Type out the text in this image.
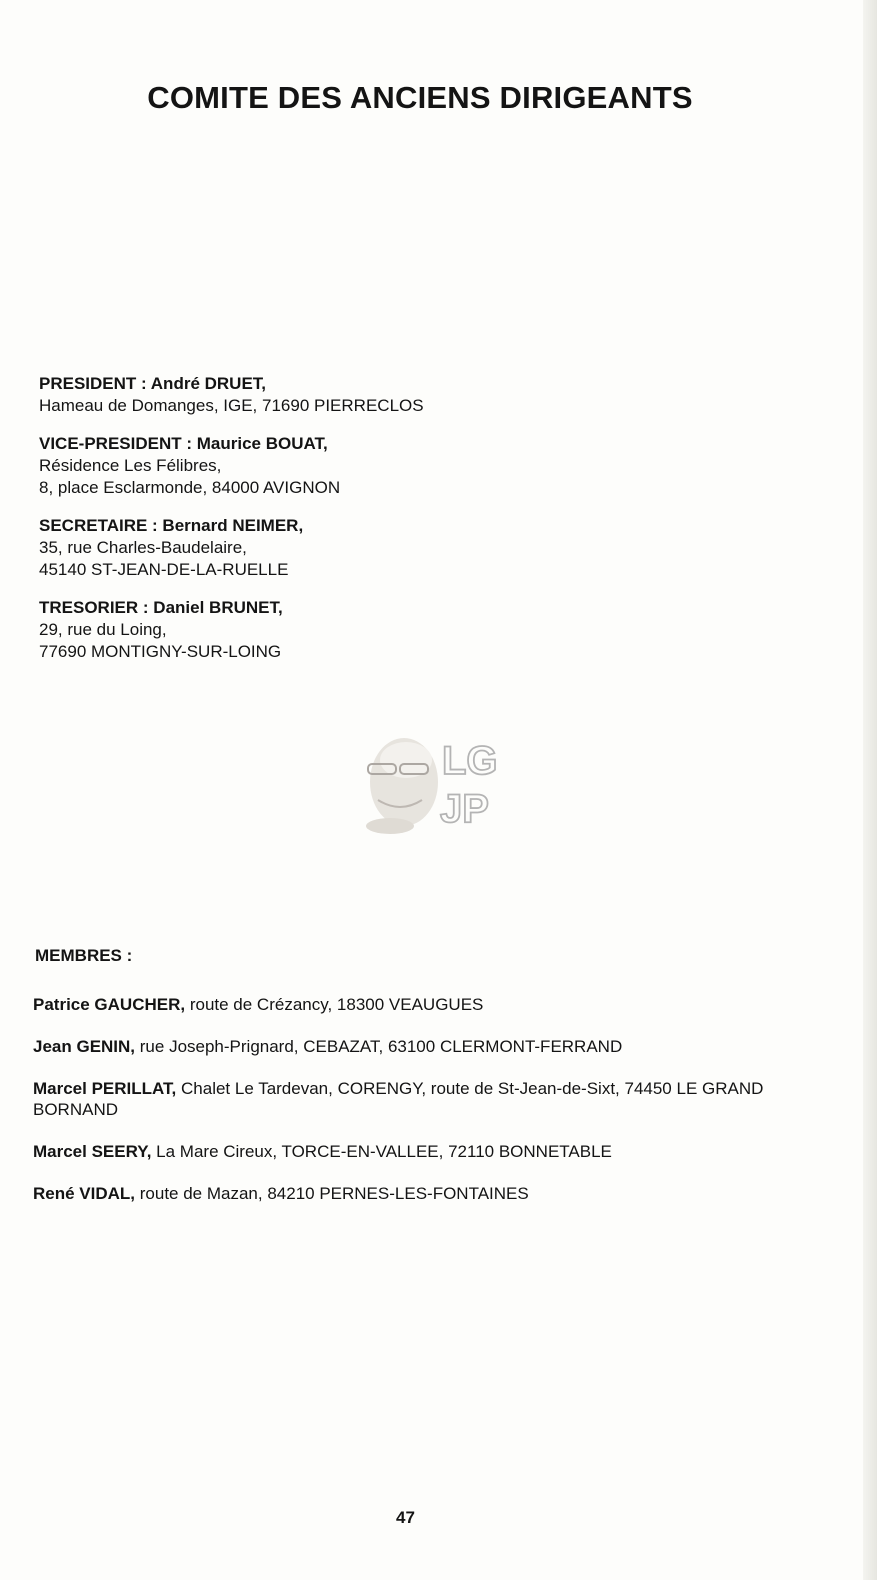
COMITE DES ANCIENS DIRIGEANTS
PRESIDENT : André DRUET,
Hameau de Domanges, IGE, 71690 PIERRECLOS
VICE-PRESIDENT : Maurice BOUAT,
Résidence Les Félibres,
8, place Esclarmonde, 84000 AVIGNON
SECRETAIRE : Bernard NEIMER,
35, rue Charles-Baudelaire,
45140 ST-JEAN-DE-LA-RUELLE
TRESORIER : Daniel BRUNET,
29, rue du Loing,
77690 MONTIGNY-SUR-LOING
LG
JP
MEMBRES :
Patrice GAUCHER, route de Crézancy, 18300 VEAUGUES
Jean GENIN, rue Joseph-Prignard, CEBAZAT, 63100 CLERMONT-FERRAND
Marcel PERILLAT, Chalet Le Tardevan, CORENGY, route de St-Jean-de-Sixt, 74450 LE GRAND BORNAND
Marcel SEERY, La Mare Cireux, TORCE-EN-VALLEE, 72110 BONNETABLE
René VIDAL, route de Mazan, 84210 PERNES-LES-FONTAINES
47
